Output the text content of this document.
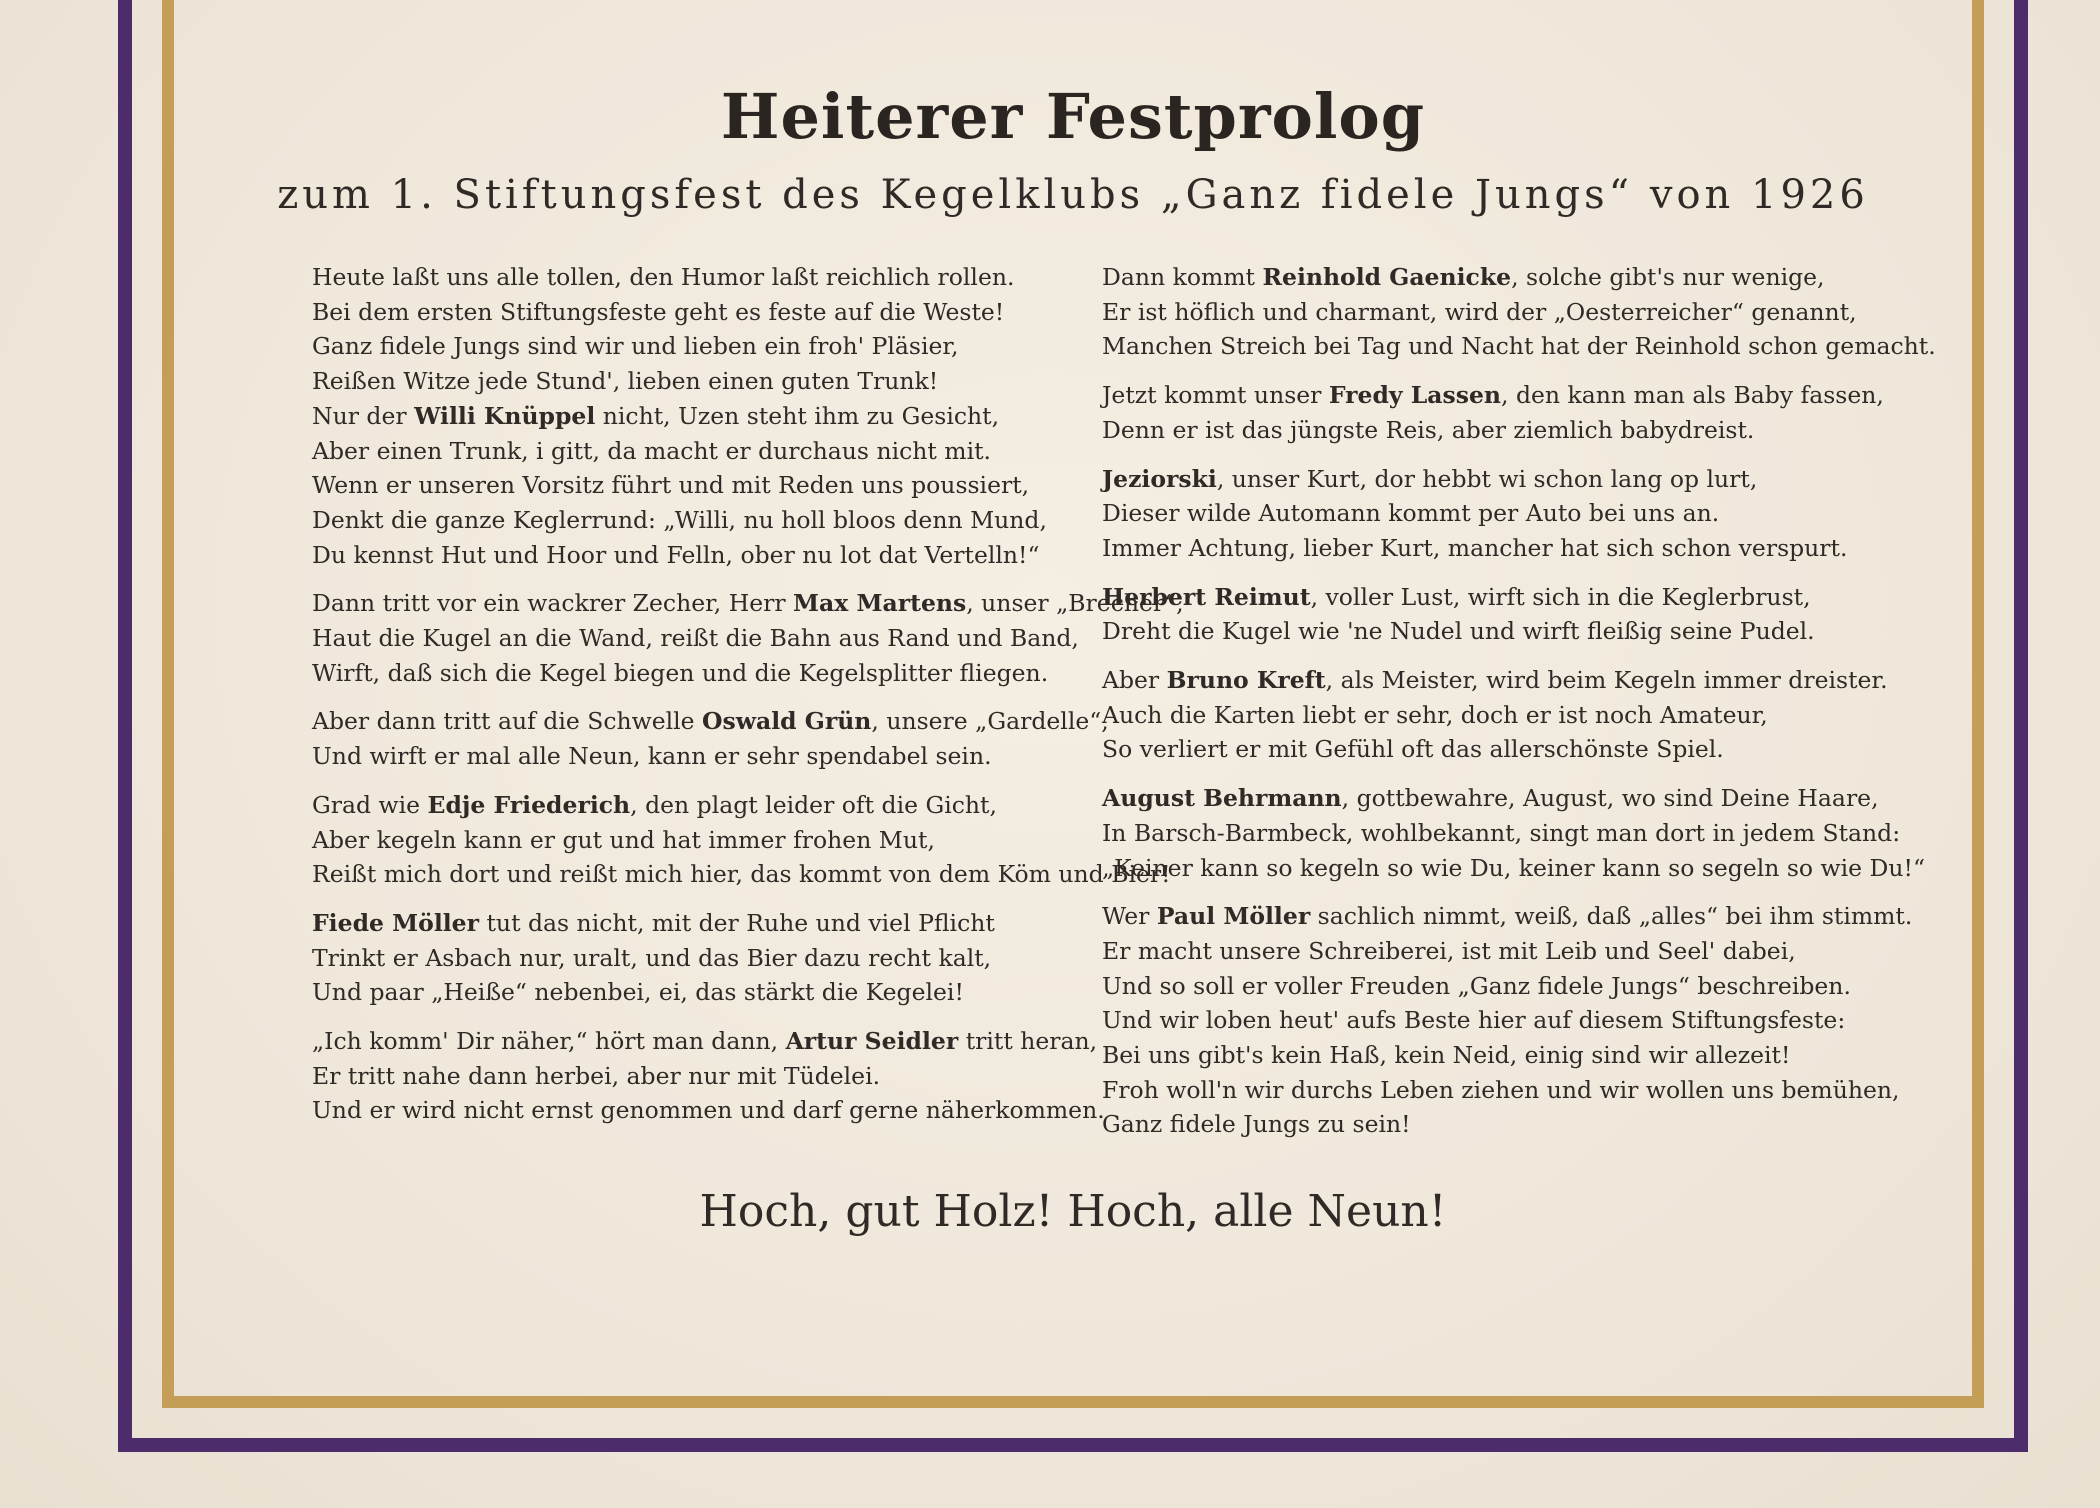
Heiterer Festprolog
zum 1. Stiftungsfest des Kegelklubs „Ganz fidele Jungs“ von 1926
Heute laßt uns alle tollen, den Humor laßt reichlich rollen.
Bei dem ersten Stiftungsfeste geht es feste auf die Weste!
Ganz fidele Jungs sind wir und lieben ein froh' Pläsier,
Reißen Witze jede Stund', lieben einen guten Trunk!
Nur der Willi Knüppel nicht, Uzen steht ihm zu Gesicht,
Aber einen Trunk, i gitt, da macht er durchaus nicht mit.
Wenn er unseren Vorsitz führt und mit Reden uns poussiert,
Denkt die ganze Keglerrund: „Willi, nu holl bloos denn Mund,
Du kennst Hut und Hoor und Felln, ober nu lot dat Vertelln!“
Dann tritt vor ein wackrer Zecher, Herr Max Martens, unser „Brecher“,
Haut die Kugel an die Wand, reißt die Bahn aus Rand und Band,
Wirft, daß sich die Kegel biegen und die Kegelsplitter fliegen.
Aber dann tritt auf die Schwelle Oswald Grün, unsere „Gardelle“,
Und wirft er mal alle Neun, kann er sehr spendabel sein.
Grad wie Edje Friederich, den plagt leider oft die Gicht,
Aber kegeln kann er gut und hat immer frohen Mut,
Reißt mich dort und reißt mich hier, das kommt von dem Köm und Bier!
Fiede Möller tut das nicht, mit der Ruhe und viel Pflicht
Trinkt er Asbach nur, uralt, und das Bier dazu recht kalt,
Und paar „Heiße“ nebenbei, ei, das stärkt die Kegelei!
„Ich komm' Dir näher,“ hört man dann, Artur Seidler tritt heran,
Er tritt nahe dann herbei, aber nur mit Tüdelei.
Und er wird nicht ernst genommen und darf gerne näherkommen.
Dann kommt Reinhold Gaenicke, solche gibt's nur wenige,
Er ist höflich und charmant, wird der „Oesterreicher“ genannt,
Manchen Streich bei Tag und Nacht hat der Reinhold schon gemacht.
Jetzt kommt unser Fredy Lassen, den kann man als Baby fassen,
Denn er ist das jüngste Reis, aber ziemlich babydreist.
Jeziorski, unser Kurt, dor hebbt wi schon lang op lurt,
Dieser wilde Automann kommt per Auto bei uns an.
Immer Achtung, lieber Kurt, mancher hat sich schon verspurt.
Herbert Reimut, voller Lust, wirft sich in die Keglerbrust,
Dreht die Kugel wie 'ne Nudel und wirft fleißig seine Pudel.
Aber Bruno Kreft, als Meister, wird beim Kegeln immer dreister.
Auch die Karten liebt er sehr, doch er ist noch Amateur,
So verliert er mit Gefühl oft das allerschönste Spiel.
August Behrmann, gottbewahre, August, wo sind Deine Haare,
In Barsch-Barmbeck, wohlbekannt, singt man dort in jedem Stand:
„Keiner kann so kegeln so wie Du, keiner kann so segeln so wie Du!“
Wer Paul Möller sachlich nimmt, weiß, daß „alles“ bei ihm stimmt.
Er macht unsere Schreiberei, ist mit Leib und Seel' dabei,
Und so soll er voller Freuden „Ganz fidele Jungs“ beschreiben.
Und wir loben heut' aufs Beste hier auf diesem Stiftungsfeste:
Bei uns gibt's kein Haß, kein Neid, einig sind wir allezeit!
Froh woll'n wir durchs Leben ziehen und wir wollen uns bemühen,
Ganz fidele Jungs zu sein!
Hoch, gut Holz! Hoch, alle Neun!
